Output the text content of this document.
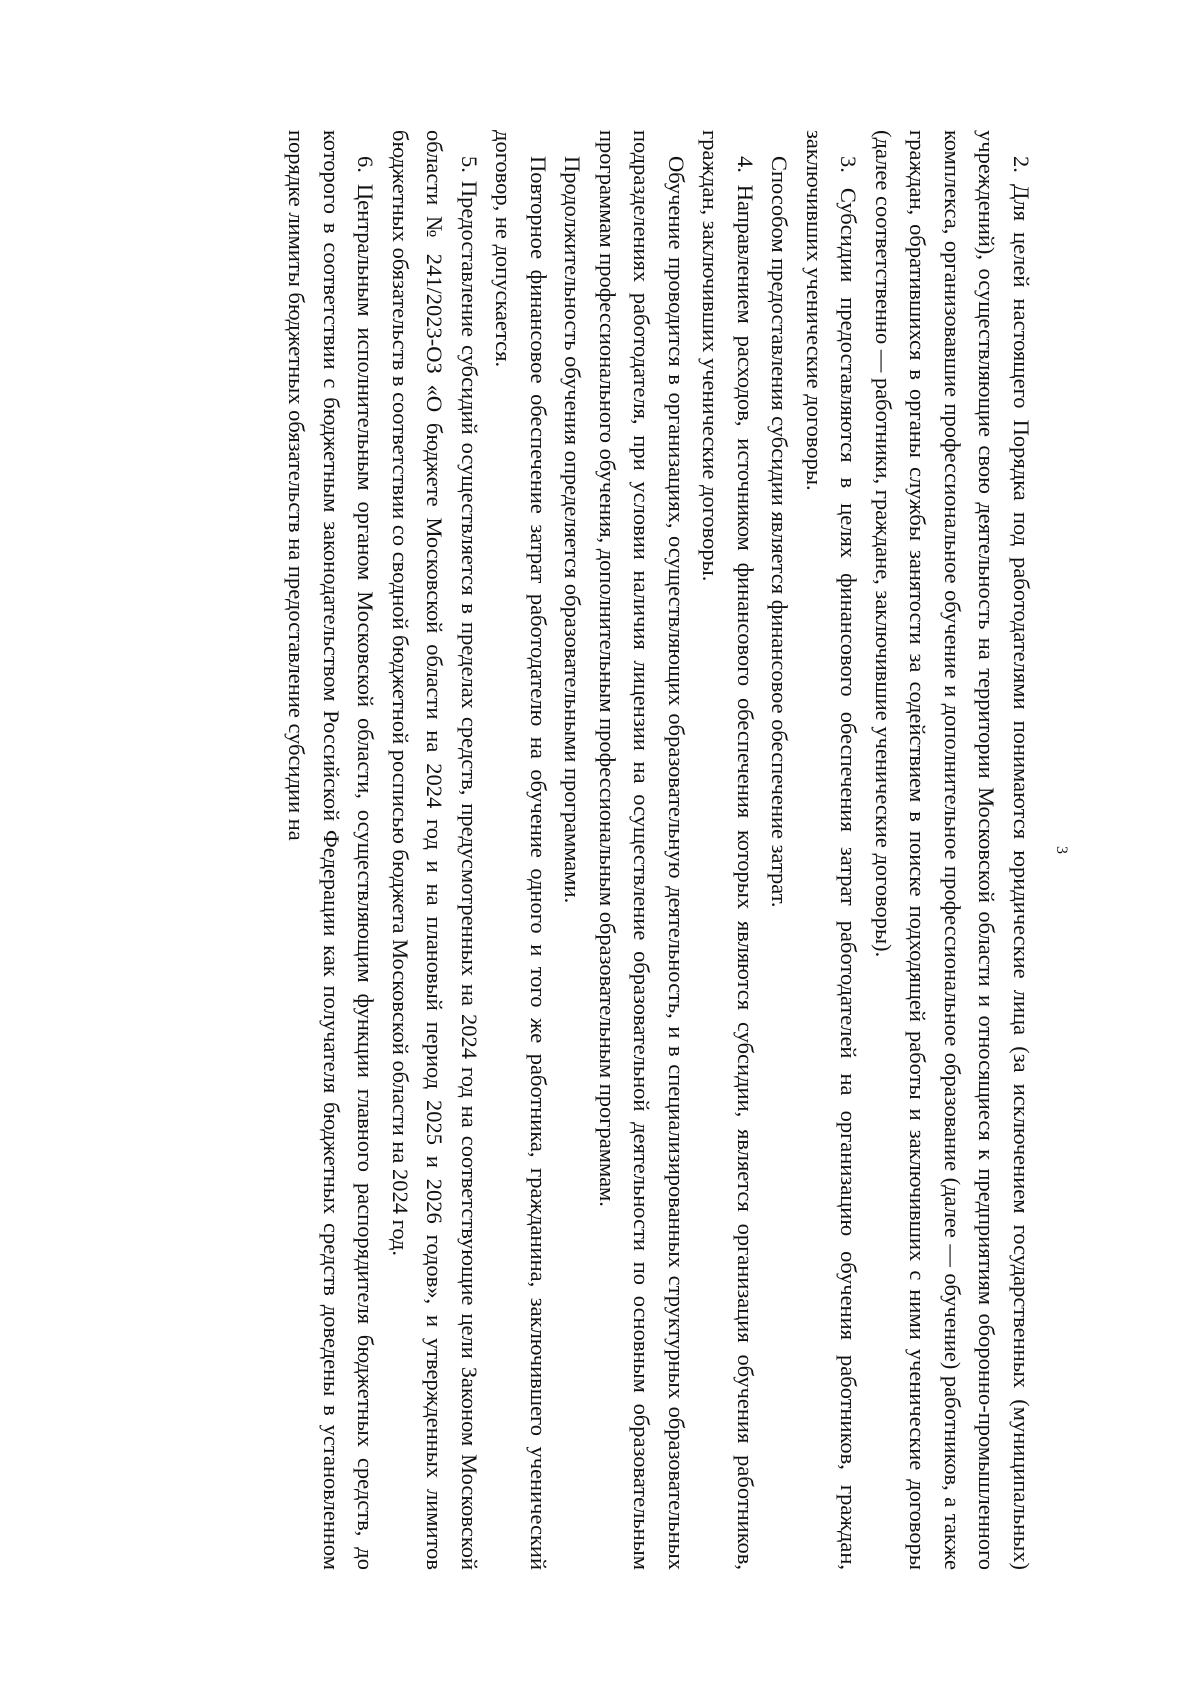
3

2. Для целей настоящего Порядка под работодателями понимаются юридические лица (за исключением государственных (муниципальных) учреждений), осуществляющие свою деятельность на территории Московской области и относящиеся к предприятиям оборонно-промышленного комплекса, организовавшие профессиональное обучение и дополнительное профессиональное образование (далее — обучение) работников, а также граждан, обратившихся в органы службы занятости за содействием в поиске подходящей работы и заключивших с ними ученические договоры (далее соответственно — работники, граждане, заключившие ученические договоры).

3. Субсидии предоставляются в целях финансового обеспечения затрат работодателей на организацию обучения работников, граждан, заключивших ученические договоры.

Способом предоставления субсидии является финансовое обеспечение затрат.

4. Направлением расходов, источником финансового обеспечения которых являются субсидии, является организация обучения работников, граждан, заключивших ученические договоры.

Обучение проводится в организациях, осуществляющих образовательную деятельность, и в специализированных структурных образовательных подразделениях работодателя, при условии наличия лицензии на осуществление образовательной деятельности по основным образовательным программам профессионального обучения, дополнительным профессиональным образовательным программам.

Продолжительность обучения определяется образовательными программами.

Повторное финансовое обеспечение затрат работодателю на обучение одного и того же работника, гражданина, заключившего ученический договор, не допускается.

5. Предоставление субсидий осуществляется в пределах средств, предусмотренных на 2024 год на соответствующие цели Законом Московской области № 241/2023-ОЗ «О бюджете Московской области на 2024 год и на плановый период 2025 и 2026 годов», и утвержденных лимитов бюджетных обязательств в соответствии со сводной бюджетной росписью бюджета Московской области на 2024 год.

6. Центральным исполнительным органом Московской области, осуществляющим функции главного распорядителя бюджетных средств, до которого в соответствии с бюджетным законодательством Российской Федерации как получателя бюджетных средств доведены в установленном порядке лимиты бюджетных обязательств на предоставление субсидии на
